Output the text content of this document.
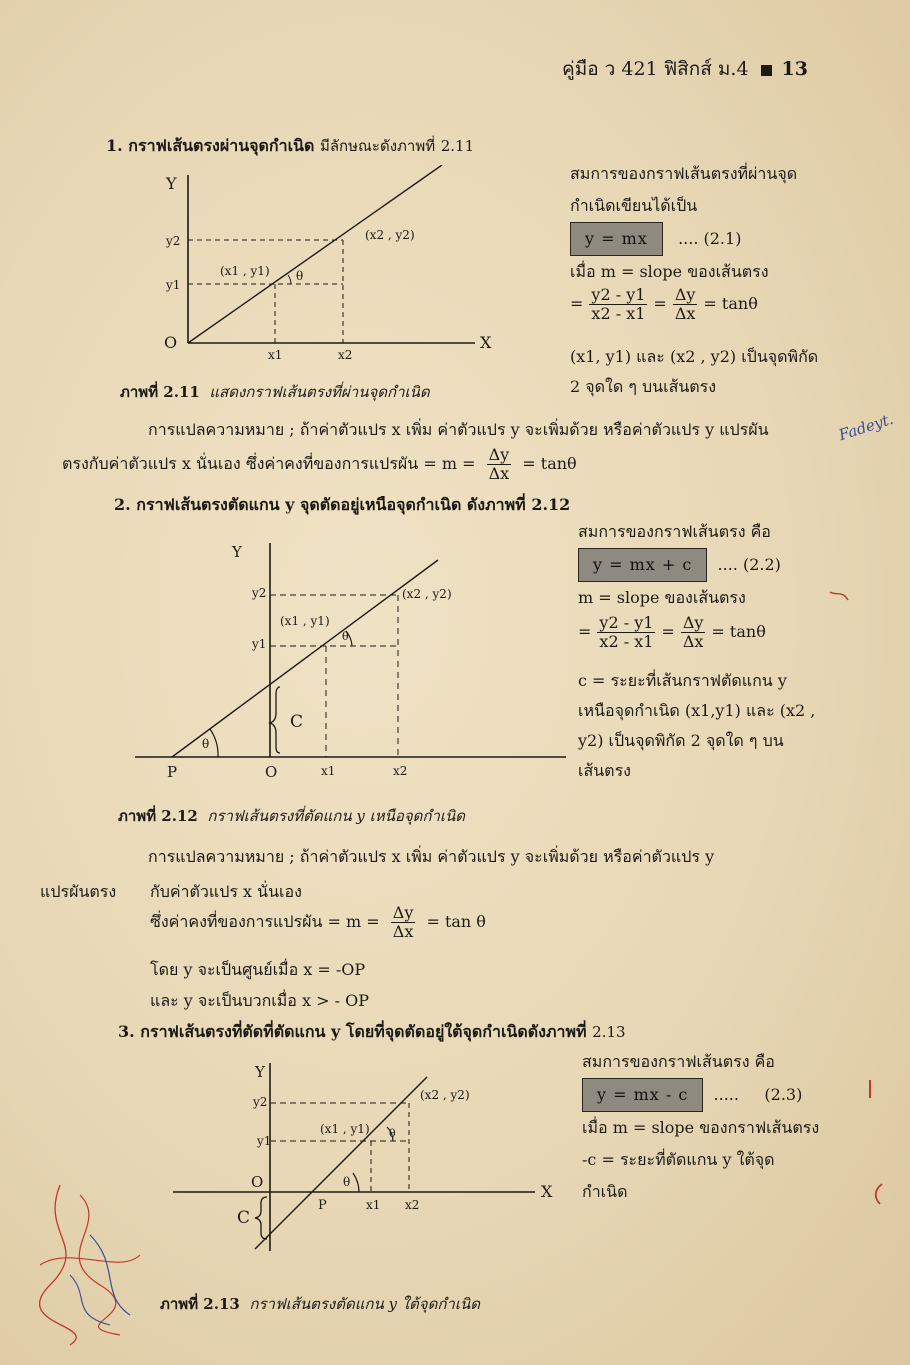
คู่มือ ว 421 ฟิสิกส์ ม.4 13
1. กราฟเส้นตรงผ่านจุดกำเนิด มีลักษณะดังภาพที่ 2.11
Y
X
O
y2
y1
x1	x2
(x1 , y1)
(x2 , y2)
θ
สมการของกราฟเส้นตรงที่ผ่านจุด
กำเนิดเขียนได้เป็น
y = mx .... (2.1)
เมื่อ m = slope ของเส้นตรง
= $\frac{y2 - y1}{x2 - x1} = \frac{\Delta y}{\Delta x} = \tan\theta$
(x1, y1) และ (x2 , y2) เป็นจุดพิกัด
2 จุดใด ๆ บนเส้นตรง
ภาพที่ 2.11 แสดงกราฟเส้นตรงที่ผ่านจุดกำเนิด
การแปลความหมาย ; ถ้าค่าตัวแปร x เพิ่ม ค่าตัวแปร y จะเพิ่มด้วย หรือค่าตัวแปร y แปรผัน
ตรงกับค่าตัวแปร x นั่นเอง ซึ่งค่าคงที่ของการแปรผัน = $m = \frac{\Delta y}{\Delta x} = \tan\theta$
Fadeyt.
2. กราฟเส้นตรงตัดแกน y จุดตัดอยู่เหนือจุดกำเนิด ดังภาพที่ 2.12
Y
P	O
y2
y1
x1	x2
(x1 , y1)
(x2 , y2)
θ
θ
C
สมการของกราฟเส้นตรง คือ
y = mx + c .... (2.2)
m = slope ของเส้นตรง
= $\frac{y2 - y1}{x2 - x1} = \frac{\Delta y}{\Delta x} = \tan\theta$
c = ระยะที่เส้นกราฟตัดแกน y
เหนือจุดกำเนิด (x1,y1) และ (x2 ,
y2) เป็นจุดพิกัด 2 จุดใด ๆ บน
เส้นตรง
ภาพที่ 2.12 กราฟเส้นตรงที่ตัดแกน y เหนือจุดกำเนิด
การแปลความหมาย ; ถ้าค่าตัวแปร x เพิ่ม ค่าตัวแปร y จะเพิ่มด้วย หรือค่าตัวแปร y
แปรผันตรง กับค่าตัวแปร x นั่นเอง
ซึ่งค่าคงที่ของการแปรผัน = $m = \frac{\Delta y}{\Delta x} = \tan \theta$
โดย y จะเป็นศูนย์เมื่อ x = -OP
และ y จะเป็นบวกเมื่อ x > - OP
3. กราฟเส้นตรงที่ตัดที่ตัดแกน y โดยที่จุดตัดอยู่ใต้จุดกำเนิดดังภาพที่ 2.13
Y
X
O
P
y2
y1
x1 x2
(x1 , y1)
(x2 , y2)
θ
θ
C
สมการของกราฟเส้นตรง คือ
y = mx - c ..... (2.3)
เมื่อ m = slope ของกราฟเส้นตรง
-c = ระยะที่ตัดแกน y ใต้จุด
กำเนิด
ภาพที่ 2.13 กราฟเส้นตรงตัดแกน y ใต้จุดกำเนิด
